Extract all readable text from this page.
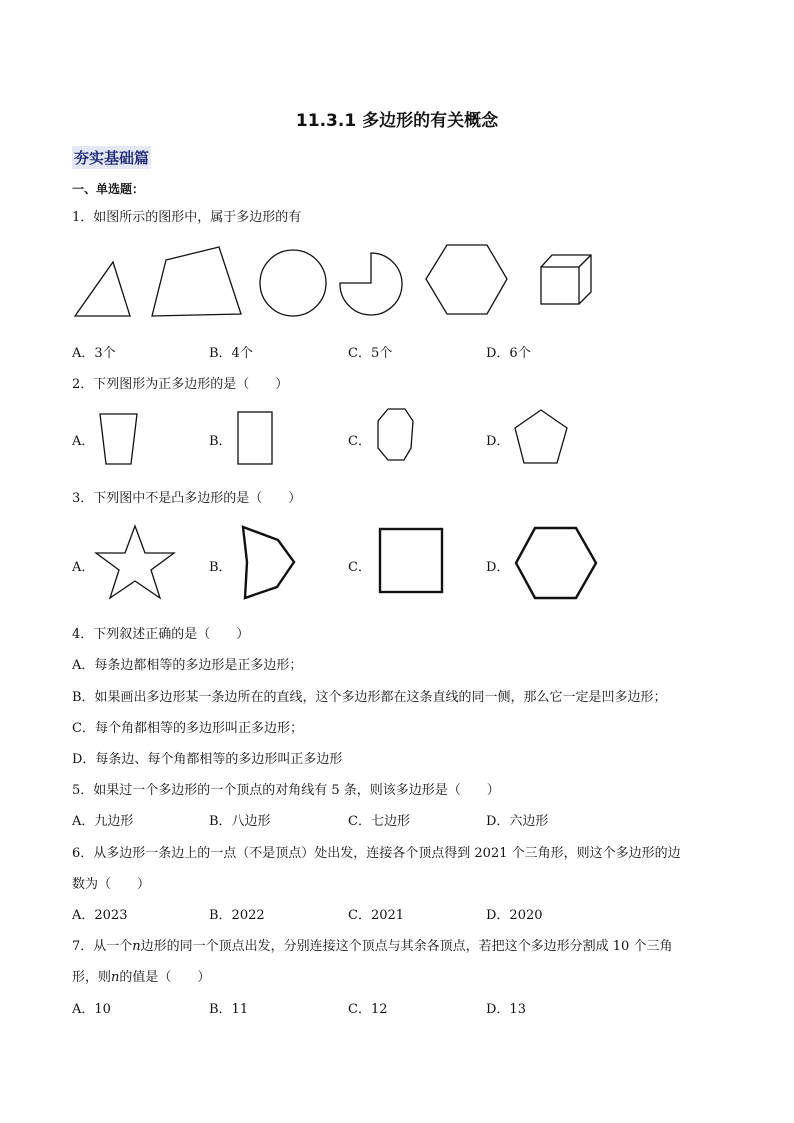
11.3.1 多边形的有关概念
夯实基础篇
一、单选题：
1．如图所示的图形中，属于多边形的有
A．3个	B．4个	C．5个	D．6个
2．下列图形为正多边形的是（　　）
A．	B．	C．	D．
3．下列图中不是凸多边形的是（　　）
A．	B．	C．	D．
4．下列叙述正确的是（　　）
A．每条边都相等的多边形是正多边形；
B．如果画出多边形某一条边所在的直线，这个多边形都在这条直线的同一侧，那么它一定是凹多边形；
C．每个角都相等的多边形叫正多边形；
D．每条边、每个角都相等的多边形叫正多边形
5．如果过一个多边形的一个顶点的对角线有 5 条，则该多边形是（　　）
A．九边形	B．八边形	C．七边形	D．六边形
6．从多边形一条边上的一点（不是顶点）处出发，连接各个顶点得到 2021 个三角形，则这个多边形的边
数为（　　）
A．2023	B．2022	C．2021	D．2020
7．从一个n边形的同一个顶点出发，分别连接这个顶点与其余各顶点，若把这个多边形分割成 10 个三角
形，则n的值是（　　）
A．10	B．11	C．12	D．13
